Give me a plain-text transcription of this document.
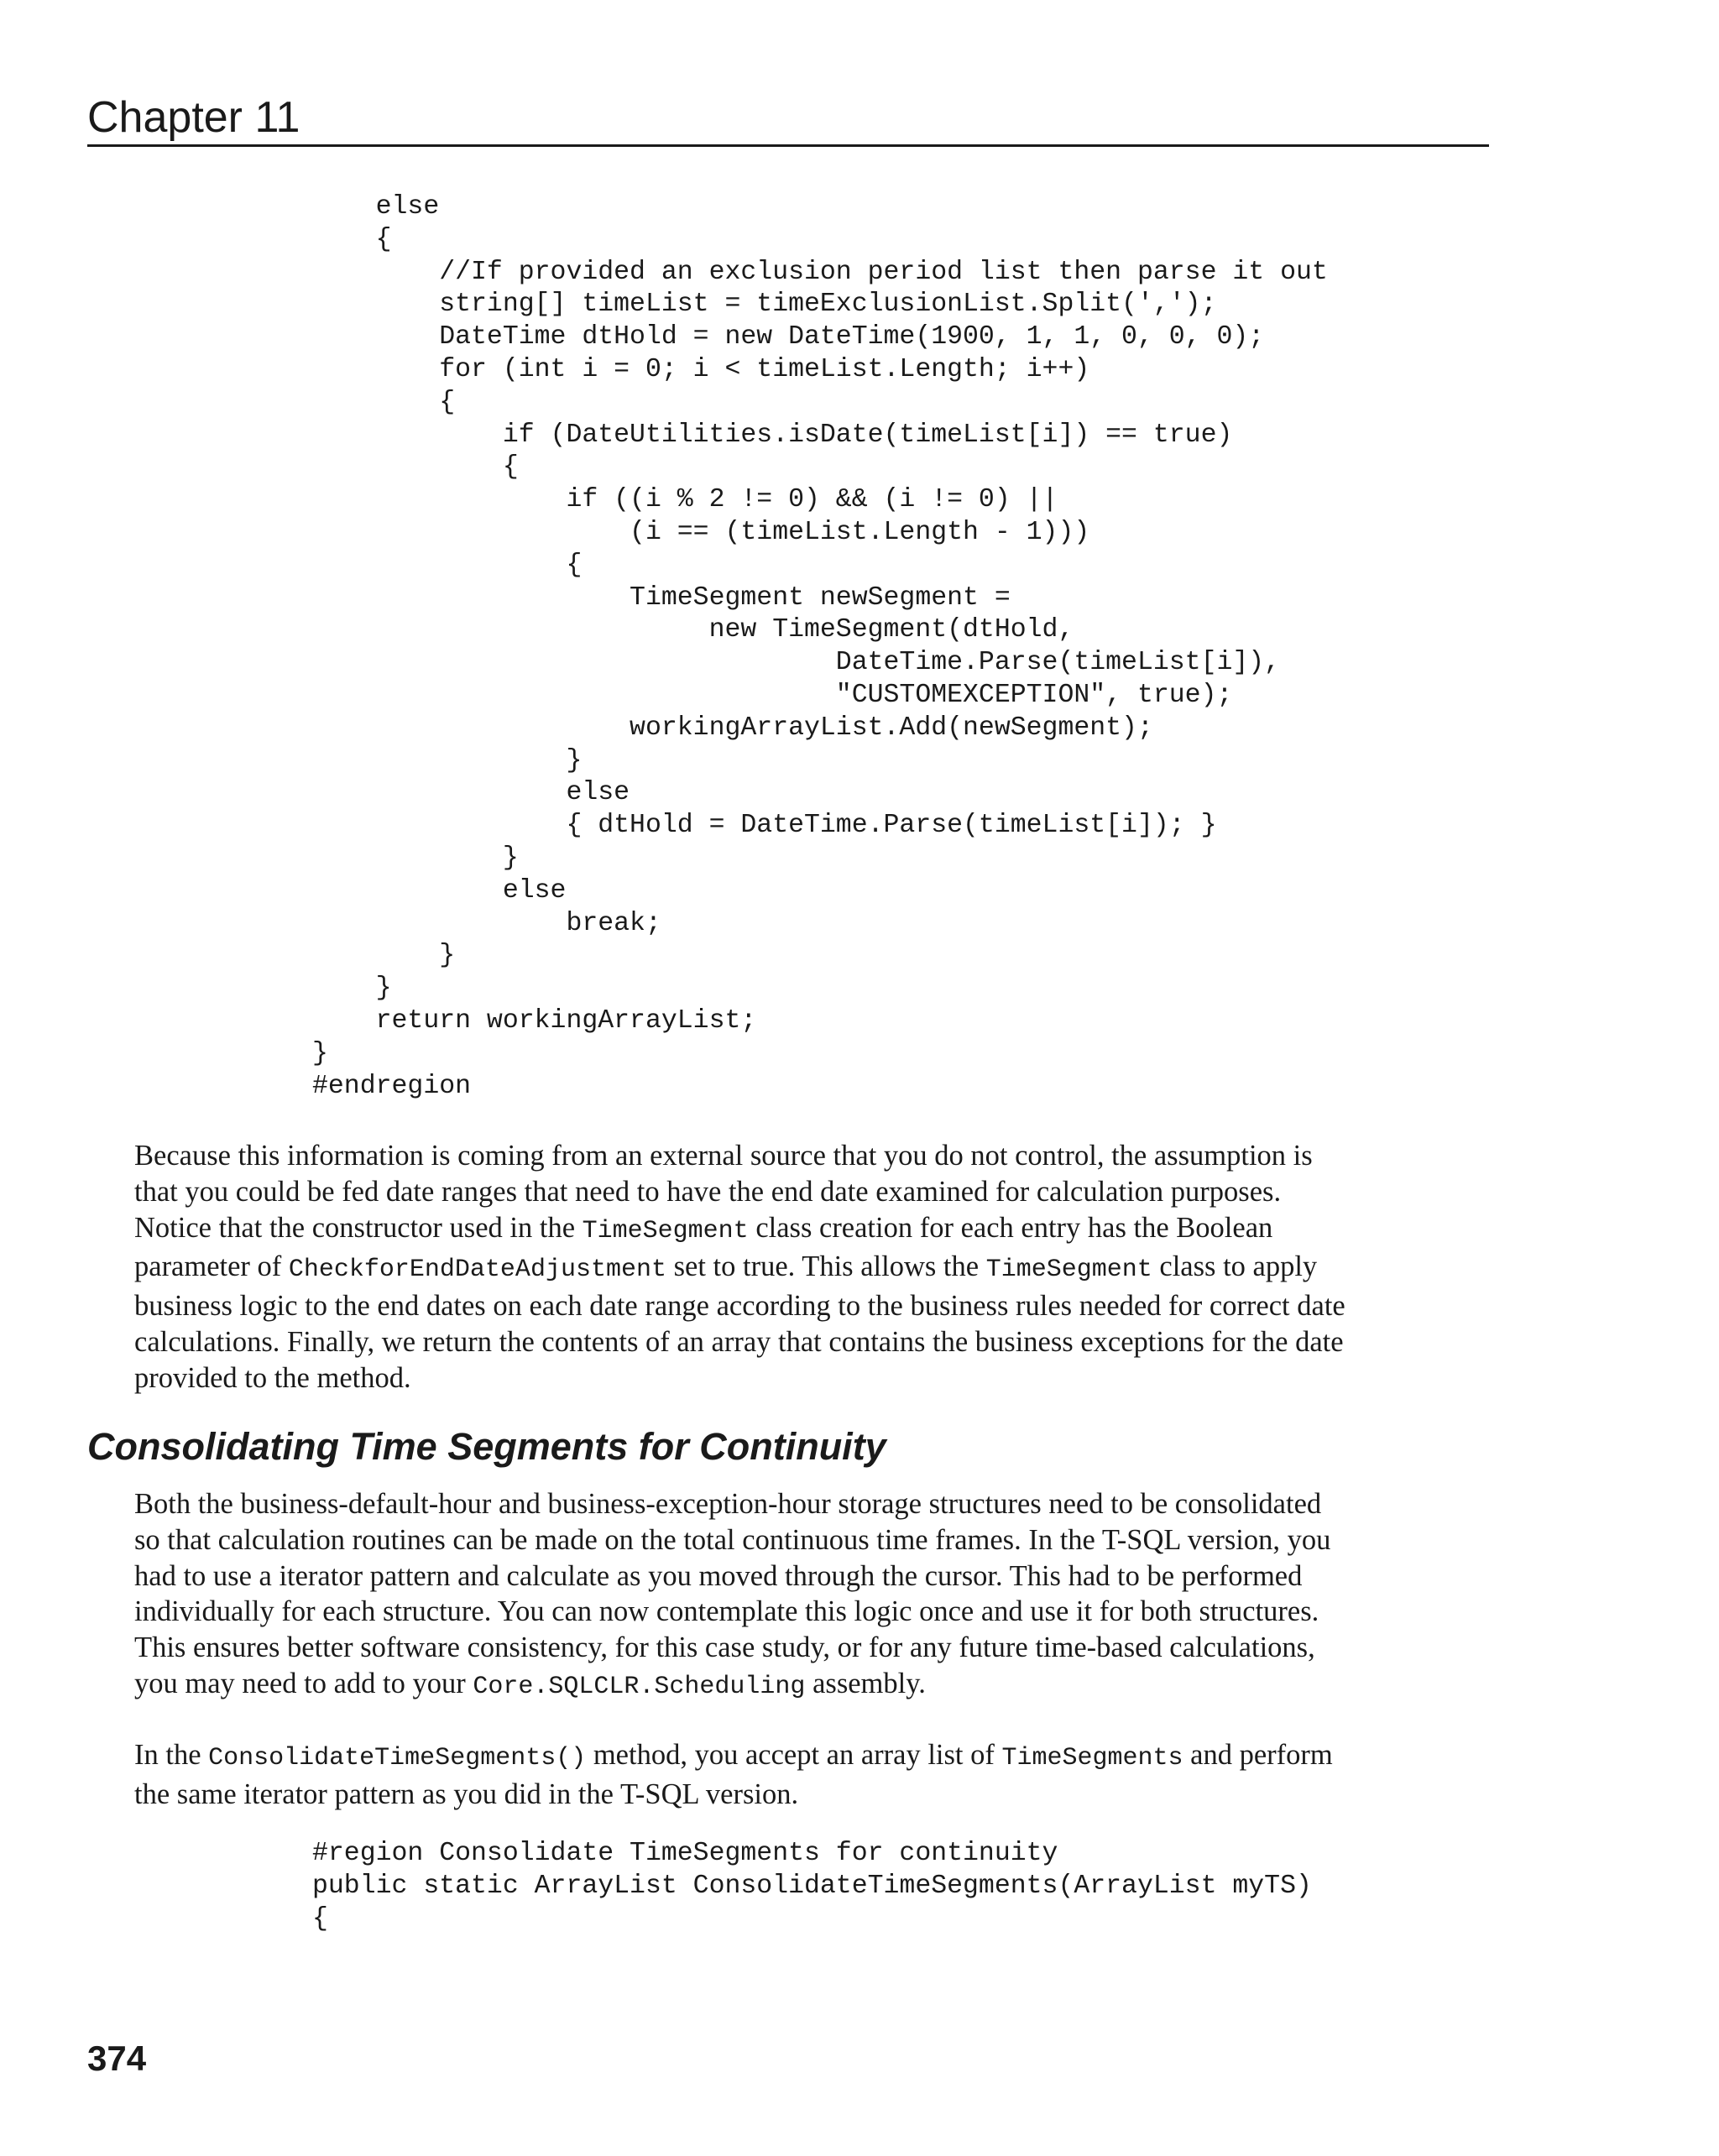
Chapter 11
else
{
//If provided an exclusion period list then parse it out
string[] timeList = timeExclusionList.Split(',');
DateTime dtHold = new DateTime(1900, 1, 1, 0, 0, 0);
for (int i = 0; i < timeList.Length; i++)
{
if (DateUtilities.isDate(timeList[i]) == true)
{
if ((i % 2 != 0) && (i != 0) ||
(i == (timeList.Length - 1)))
{
TimeSegment newSegment =
new TimeSegment(dtHold,
DateTime.Parse(timeList[i]),
"CUSTOMEXCEPTION", true);
workingArrayList.Add(newSegment);
}
else
{ dtHold = DateTime.Parse(timeList[i]); }
}
else
break;
}
}
return workingArrayList;
}
#endregion
Because this information is coming from an external source that you do not control, the assumption is
that you could be fed date ranges that need to have the end date examined for calculation purposes.
Notice that the constructor used in the TimeSegment class creation for each entry has the Boolean
parameter of CheckforEndDateAdjustment set to true. This allows the TimeSegment class to apply
business logic to the end dates on each date range according to the business rules needed for correct date
calculations. Finally, we return the contents of an array that contains the business exceptions for the date
provided to the method.
Consolidating Time Segments for Continuity
Both the business-default-hour and business-exception-hour storage structures need to be consolidated
so that calculation routines can be made on the total continuous time frames. In the T-SQL version, you
had to use a iterator pattern and calculate as you moved through the cursor. This had to be performed
individually for each structure. You can now contemplate this logic once and use it for both structures.
This ensures better software consistency, for this case study, or for any future time-based calculations,
you may need to add to your Core.SQLCLR.Scheduling assembly.
In the ConsolidateTimeSegments() method, you accept an array list of TimeSegments and perform
the same iterator pattern as you did in the T-SQL version.
#region Consolidate TimeSegments for continuity
public static ArrayList ConsolidateTimeSegments(ArrayList myTS)
{
374
